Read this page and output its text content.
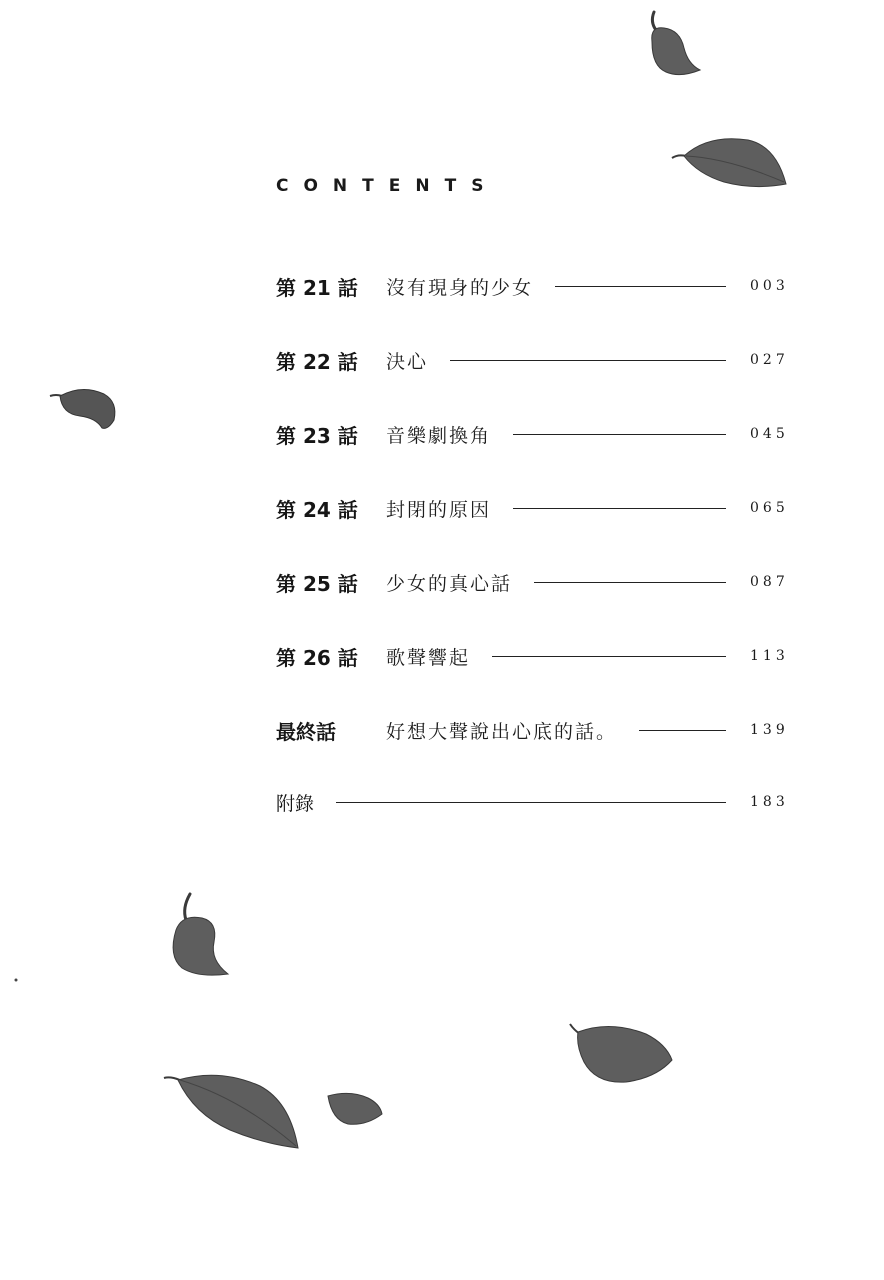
CONTENTS
第 21 話	沒有現身的少女	003
第 22 話	決心	027
第 23 話	音樂劇換角	045
第 24 話	封閉的原因	065
第 25 話	少女的真心話	087
第 26 話	歌聲響起	113
最終話	好想大聲說出心底的話。	139
附錄	183
